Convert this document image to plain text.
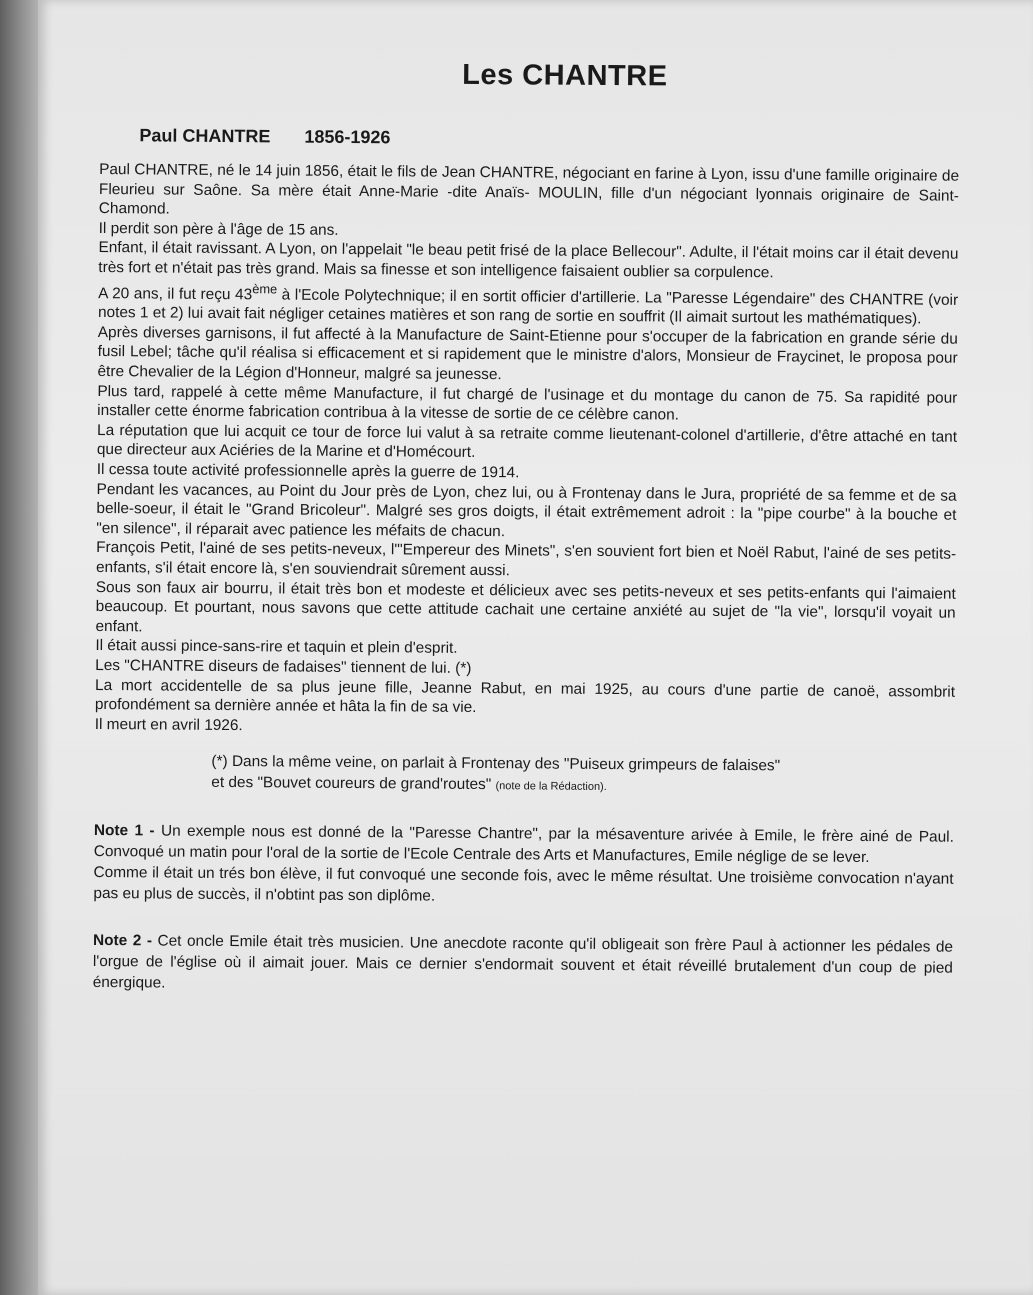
Les CHANTRE
Paul CHANTRE 1856-1926

Paul CHANTRE, né le 14 juin 1856, était le fils de Jean CHANTRE, négociant en farine à Lyon, issu d'une famille originaire de Fleurieu sur Saône. Sa mère était Anne-Marie -dite Anaïs- MOULIN, fille d'un négociant lyonnais originaire de Saint-Chamond.

Il perdit son père à l'âge de 15 ans.

Enfant, il était ravissant. A Lyon, on l'appelait "le beau petit frisé de la place Bellecour". Adulte, il l'était moins car il était devenu très fort et n'était pas très grand. Mais sa finesse et son intelligence faisaient oublier sa corpulence.

A 20 ans, il fut reçu 43ème à l'Ecole Polytechnique; il en sortit officier d'artillerie. La "Paresse Légendaire" des CHANTRE (voir notes 1 et 2) lui avait fait négliger cetaines matières et son rang de sortie en souffrit (Il aimait surtout les mathématiques).

Après diverses garnisons, il fut affecté à la Manufacture de Saint-Etienne pour s'occuper de la fabrication en grande série du fusil Lebel; tâche qu'il réalisa si efficacement et si rapidement que le ministre d'alors, Monsieur de Fraycinet, le proposa pour être Chevalier de la Légion d'Honneur, malgré sa jeunesse.

Plus tard, rappelé à cette même Manufacture, il fut chargé de l'usinage et du montage du canon de 75. Sa rapidité pour installer cette énorme fabrication contribua à la vitesse de sortie de ce célèbre canon.

La réputation que lui acquit ce tour de force lui valut à sa retraite comme lieutenant-colonel d'artillerie, d'être attaché en tant que directeur aux Aciéries de la Marine et d'Homécourt.

Il cessa toute activité professionnelle après la guerre de 1914.

Pendant les vacances, au Point du Jour près de Lyon, chez lui, ou à Frontenay dans le Jura, propriété de sa femme et de sa belle-soeur, il était le "Grand Bricoleur". Malgré ses gros doigts, il était extrêmement adroit : la "pipe courbe" à la bouche et "en silence", il réparait avec patience les méfaits de chacun.

François Petit, l'ainé de ses petits-neveux, l'"Empereur des Minets", s'en souvient fort bien et Noël Rabut, l'ainé de ses petits-enfants, s'il était encore là, s'en souviendrait sûrement aussi.

Sous son faux air bourru, il était très bon et modeste et délicieux avec ses petits-neveux et ses petits-enfants qui l'aimaient beaucoup. Et pourtant, nous savons que cette attitude cachait une certaine anxiété au sujet de "la vie", lorsqu'il voyait un enfant.

Il était aussi pince-sans-rire et taquin et plein d'esprit.

Les "CHANTRE diseurs de fadaises" tiennent de lui. (*)

La mort accidentelle de sa plus jeune fille, Jeanne Rabut, en mai 1925, au cours d'une partie de canoë, assombrit profondément sa dernière année et hâta la fin de sa vie.

Il meurt en avril 1926.

(*) Dans la même veine, on parlait à Frontenay des "Puiseux grimpeurs de falaises"
et des "Bouvet coureurs de grand'routes" (note de la Rédaction).

Note 1 - Un exemple nous est donné de la "Paresse Chantre", par la mésaventure arivée à Emile, le frère ainé de Paul. Convoqué un matin pour l'oral de la sortie de l'Ecole Centrale des Arts et Manufactures, Emile néglige de se lever.

Comme il était un trés bon élève, il fut convoqué une seconde fois, avec le même résultat. Une troisième convocation n'ayant pas eu plus de succès, il n'obtint pas son diplôme.

Note 2 - Cet oncle Emile était très musicien. Une anecdote raconte qu'il obligeait son frère Paul à actionner les pédales de l'orgue de l'église où il aimait jouer. Mais ce dernier s'endormait souvent et était réveillé brutalement d'un coup de pied énergique.
